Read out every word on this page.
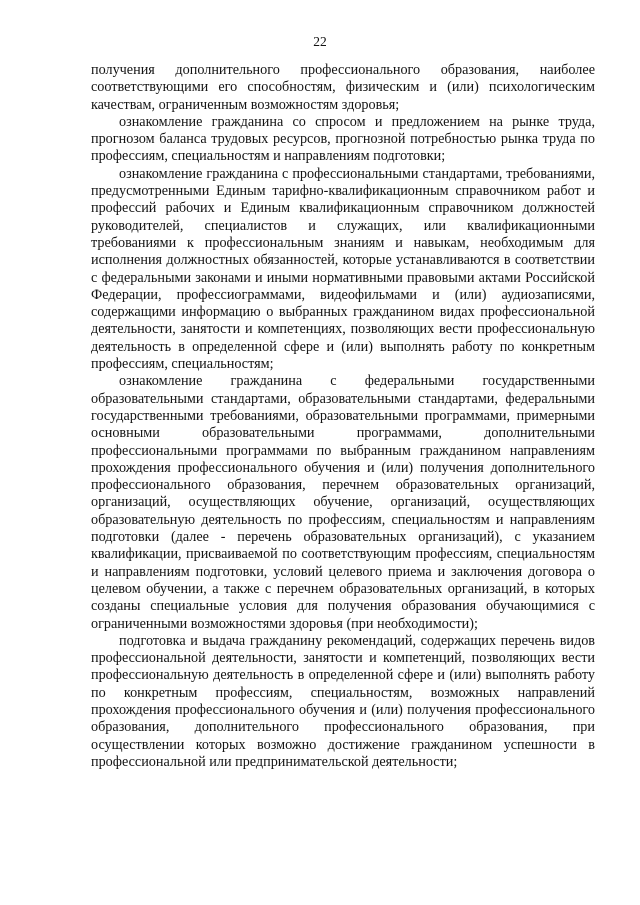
22

получения дополнительного профессионального образования, наиболее соответствующими его способностям, физическим и (или) психологическим качествам, ограниченным возможностям здоровья;

ознакомление гражданина со спросом и предложением на рынке труда, прогнозом баланса трудовых ресурсов, прогнозной потребностью рынка труда по профессиям, специальностям и направлениям подготовки;

ознакомление гражданина с профессиональными стандартами, требованиями, предусмотренными Единым тарифно-квалификационным справочником работ и профессий рабочих и Единым квалификационным справочником должностей руководителей, специалистов и служащих, или квалификационными требованиями к профессиональным знаниям и навыкам, необходимым для исполнения должностных обязанностей, которые устанавливаются в соответствии с федеральными законами и иными нормативными правовыми актами Российской Федерации, профессиограммами, видеофильмами и (или) аудиозаписями, содержащими информацию о выбранных гражданином видах профессиональной деятельности, занятости и компетенциях, позволяющих вести профессиональную деятельность в определенной сфере и (или) выполнять работу по конкретным профессиям, специальностям;

ознакомление гражданина с федеральными государственными образовательными стандартами, образовательными стандартами, федеральными государственными требованиями, образовательными программами, примерными основными образовательными программами, дополнительными профессиональными программами по выбранным гражданином направлениям прохождения профессионального обучения и (или) получения дополнительного профессионального образования, перечнем образовательных организаций, организаций, осуществляющих обучение, организаций, осуществляющих образовательную деятельность по профессиям, специальностям и направлениям подготовки (далее - перечень образовательных организаций), с указанием квалификации, присваиваемой по соответствующим профессиям, специальностям и направлениям подготовки, условий целевого приема и заключения договора о целевом обучении, а также с перечнем образовательных организаций, в которых созданы специальные условия для получения образования обучающимися с ограниченными возможностями здоровья (при необходимости);

подготовка и выдача гражданину рекомендаций, содержащих перечень видов профессиональной деятельности, занятости и компетенций, позволяющих вести профессиональную деятельность в определенной сфере и (или) выполнять работу по конкретным профессиям, специальностям, возможных направлений прохождения профессионального обучения и (или) получения профессионального образования, дополнительного профессионального образования, при осуществлении которых возможно достижение гражданином успешности в профессиональной или предпринимательской деятельности;
